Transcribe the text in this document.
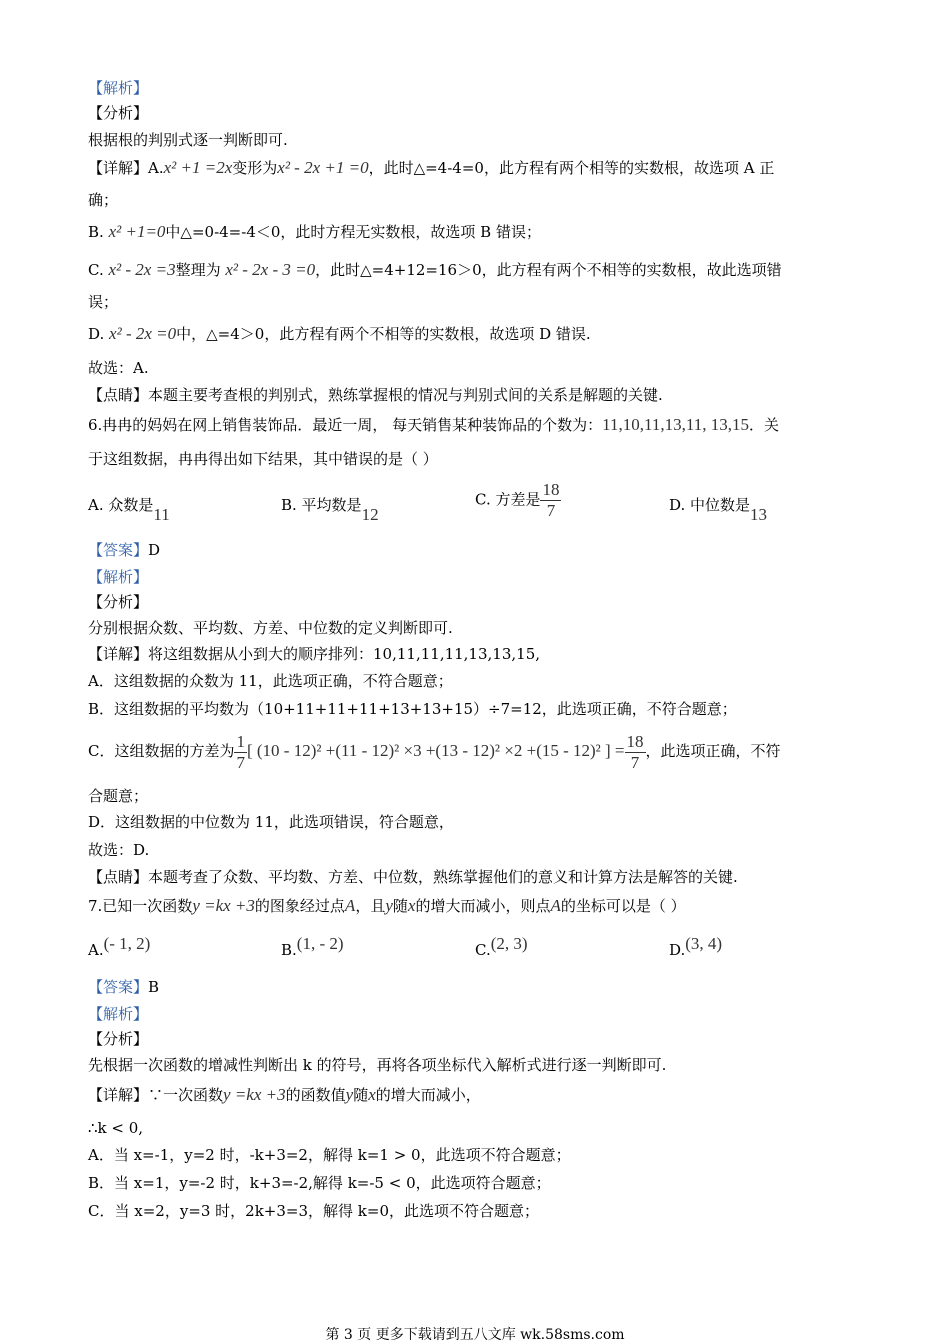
【解析】
【分析】
根据根的判别式逐一判断即可.
【详解】A.x² +1 =2x变形为x² - 2x +1 =0，此时△=4-4=0，此方程有两个相等的实数根，故选项 A 正
确；
B. x² +1=0中△=0-4=-4＜0，此时方程无实数根，故选项 B 错误；
C. x² - 2x =3整理为 x² - 2x - 3 =0，此时△=4+12=16＞0，此方程有两个不相等的实数根，故此选项错
误；
D. x² - 2x =0中，△=4＞0，此方程有两个不相等的实数根，故选项 D 错误.
故选：A.
【点睛】本题主要考查根的判别式，熟练掌握根的情况与判别式间的关系是解题的关键.
6.冉冉的妈妈在网上销售装饰品．最近一周， 每天销售某种装饰品的个数为：11,10,11,13,11, 13,15．关
于这组数据，冉冉得出如下结果，其中错误的是（ ）
A. 众数是11	B. 平均数是12
C. 方差是 $\frac{18}{7}$	D. 中位数是13
【答案】D
【解析】
【分析】
分别根据众数、平均数、方差、中位数的定义判断即可.
【详解】将这组数据从小到大的顺序排列：10,11,11,11,13,13,15,
A．这组数据的众数为 11，此选项正确，不符合题意；
B．这组数据的平均数为（10+11+11+11+13+13+15）÷7=12，此选项正确，不符合题意；
C．这组数据的方差为 $\frac{1}{7}$ [ (10 - 12)² +(11 - 12)² ×3 +(13 - 12)² ×2 +(15 - 12)² ] = $\frac{18}{7}$ ，此选项正确，不符
合题意；
D．这组数据的中位数为 11，此选项错误，符合题意，
故选：D.
【点睛】本题考查了众数、平均数、方差、中位数，熟练掌握他们的意义和计算方法是解答的关键.
7.已知一次函数y =kx +3的图象经过点A，且y随x的增大而减小，则点A的坐标可以是（ ）
A.(- 1, 2)	B.(1, - 2)	C.(2, 3)	D.(3, 4)
【答案】B
【解析】
【分析】
先根据一次函数的增减性判断出 k 的符号，再将各项坐标代入解析式进行逐一判断即可.
【详解】∵一次函数y =kx +3的函数值y随x的增大而减小，
∴k < 0,
A．当 x=-1，y=2 时，-k+3=2，解得 k=1 > 0，此选项不符合题意；
B．当 x=1，y=-2 时，k+3=-2,解得 k=-5 < 0，此选项符合题意；
C．当 x=2，y=3 时，2k+3=3，解得 k=0，此选项不符合题意；
第 3 页 更多下载请到五八文库 wk.58sms.com
